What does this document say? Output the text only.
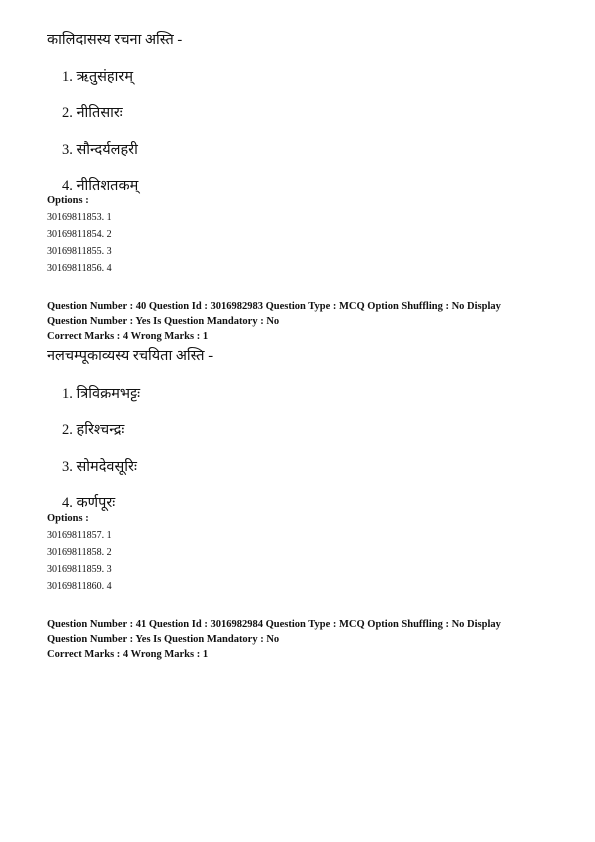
कालिदासस्य रचना अस्ति -
1. ऋतुसंहारम्
2. नीतिसारः
3. सौन्दर्यलहरी
4. नीतिशतकम्
Options :
30169811853. 1
30169811854. 2
30169811855. 3
30169811856. 4
Question Number : 40 Question Id : 3016982983 Question Type : MCQ Option Shuffling : No Display
Question Number : Yes Is Question Mandatory : No
Correct Marks : 4 Wrong Marks : 1
नलचम्पूकाव्यस्य रचयिता अस्ति -
1. त्रिविक्रमभट्टः
2. हरिश्चन्द्रः
3. सोमदेवसूरिः
4. कर्णपूरः
Options :
30169811857. 1
30169811858. 2
30169811859. 3
30169811860. 4
Question Number : 41 Question Id : 3016982984 Question Type : MCQ Option Shuffling : No Display
Question Number : Yes Is Question Mandatory : No
Correct Marks : 4 Wrong Marks : 1
